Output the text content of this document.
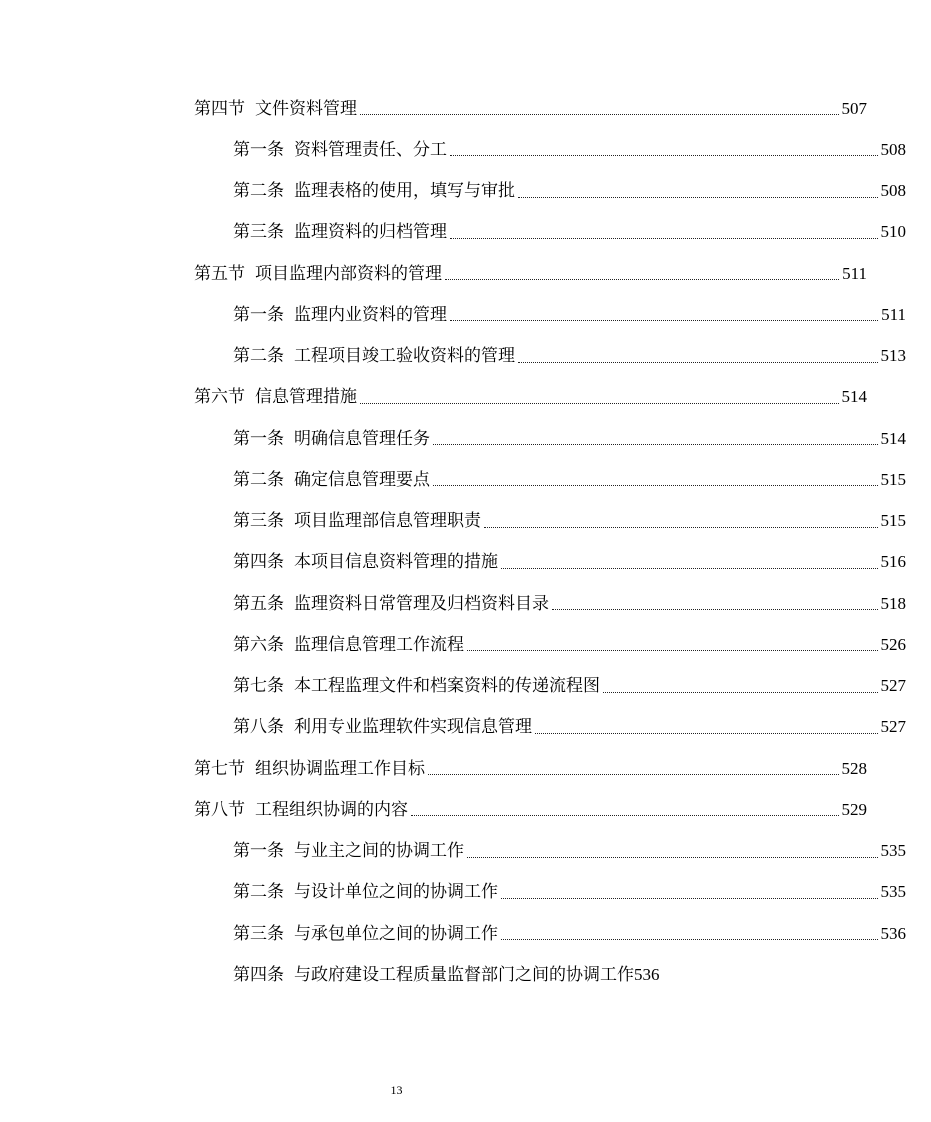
第四节 文件资料管理	507
第一条 资料管理责任、分工	508
第二条 监理表格的使用，填写与审批	508
第三条 监理资料的归档管理	510
第五节 项目监理内部资料的管理	511
第一条 监理内业资料的管理	511
第二条 工程项目竣工验收资料的管理	513
第六节 信息管理措施	514
第一条 明确信息管理任务	514
第二条 确定信息管理要点	515
第三条 项目监理部信息管理职责	515
第四条 本项目信息资料管理的措施	516
第五条 监理资料日常管理及归档资料目录	518
第六条 监理信息管理工作流程	526
第七条 本工程监理文件和档案资料的传递流程图	527
第八条 利用专业监理软件实现信息管理	527
第七节 组织协调监理工作目标	528
第八节 工程组织协调的内容	529
第一条 与业主之间的协调工作	535
第二条 与设计单位之间的协调工作	535
第三条 与承包单位之间的协调工作	536
第四条 与政府建设工程质量监督部门之间的协调工作 536
13
